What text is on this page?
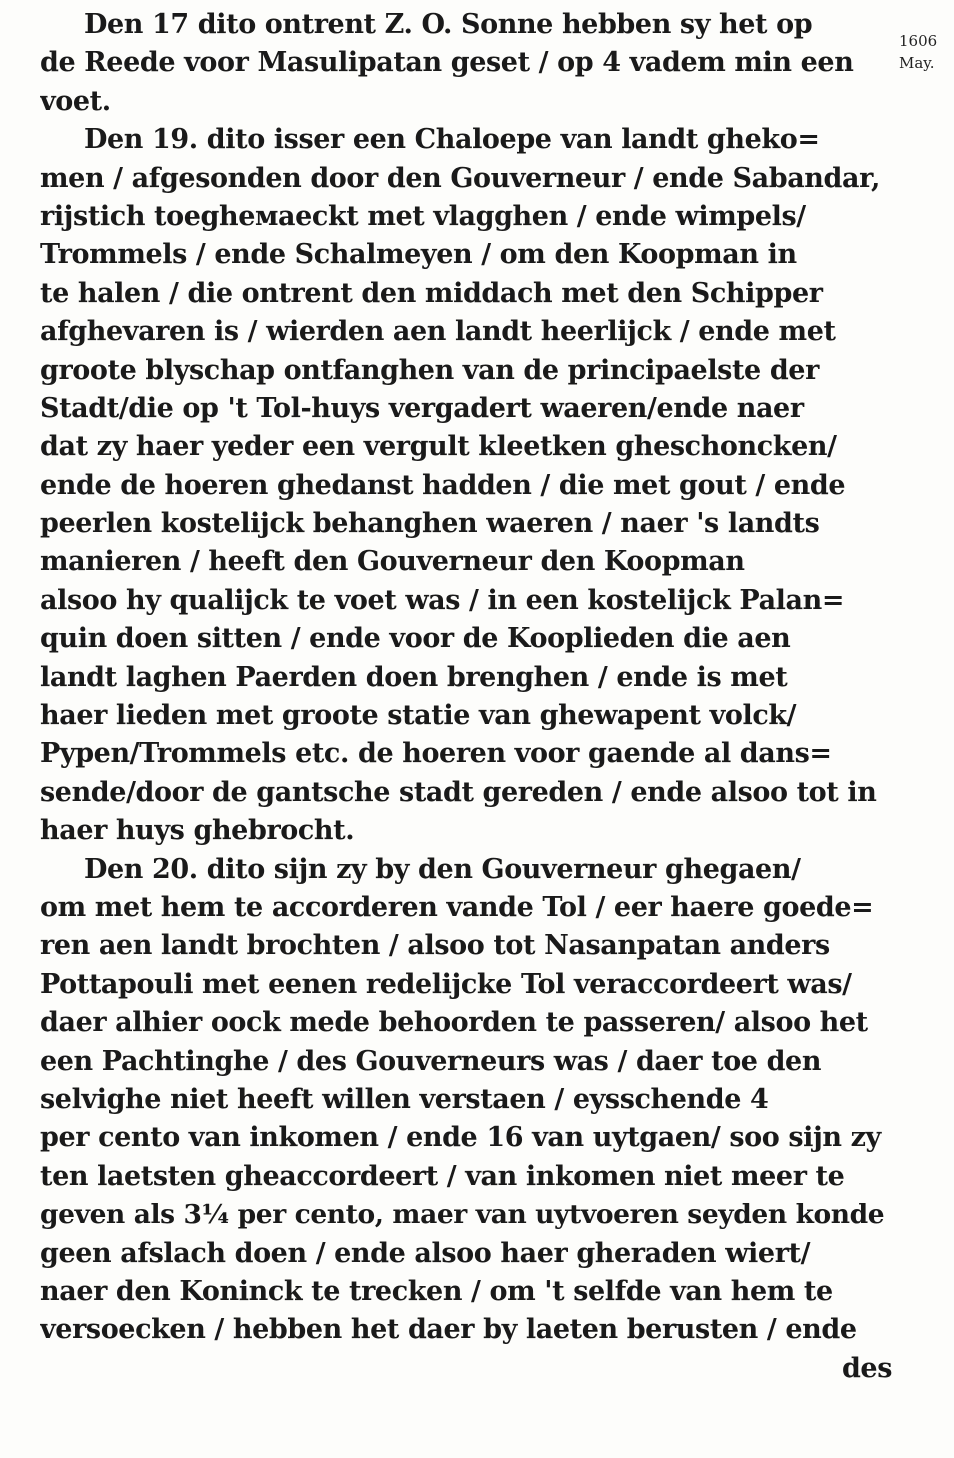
Den 17 dito ontrent Z. O. Sonne hebben sy het op
de Reede voor Masulipatan geset / op 4 vadem min een
voet.
Den 19. dito isser een Chaloepe van landt gheko=
men / afgesonden door den Gouverneur / ende Sabandar,
rijstich toegheмaeckt met vlagghen / ende wimpels/
Trommels / ende Schalmeyen / om den Koopman in
te halen / die ontrent den middach met den Schipper
afghevaren is / wierden aen landt heerlijck / ende met
groote blyschap ontfanghen van de principaelste der
Stadt/die op 't Tol-huys vergadert waeren/ende naer
dat zy haer yeder een vergult kleetken gheschoncken/
ende de hoeren ghedanst hadden / die met gout / ende
peerlen kostelijck behanghen waeren / naer 's landts
manieren / heeft den Gouverneur den Koopman
alsoo hy qualijck te voet was / in een kostelijck Palan=
quin doen sitten / ende voor de Kooplieden die aen
landt laghen Paerden doen brenghen / ende is met
haer lieden met groote statie van ghewapent volck/
Pypen/Trommels etc. de hoeren voor gaende al dans=
sende/door de gantsche stadt gereden / ende alsoo tot in
haer huys ghebrocht.
Den 20. dito sijn zy by den Gouverneur ghegaen/
om met hem te accorderen vande Tol / eer haere goede=
ren aen landt brochten / alsoo tot Nasanpatan anders
Pottapouli met eenen redelijcke Tol veraccordeert was/
daer alhier oock mede behoorden te passeren/ alsoo het
een Pachtinghe / des Gouverneurs was / daer toe den
selvighe niet heeft willen verstaen / eysschende 4
per cento van inkomen / ende 16 van uytgaen/ soo sijn zy
ten laetsten gheaccordeert / van inkomen niet meer te
geven als 3¼ per cento, maer van uytvoeren seyden konde
geen afslach doen / ende alsoo haer gheraden wiert/
naer den Koninck te trecken / om 't selfde van hem te
versoecken / hebben het daer by laeten berusten / ende
des
1606
May.
